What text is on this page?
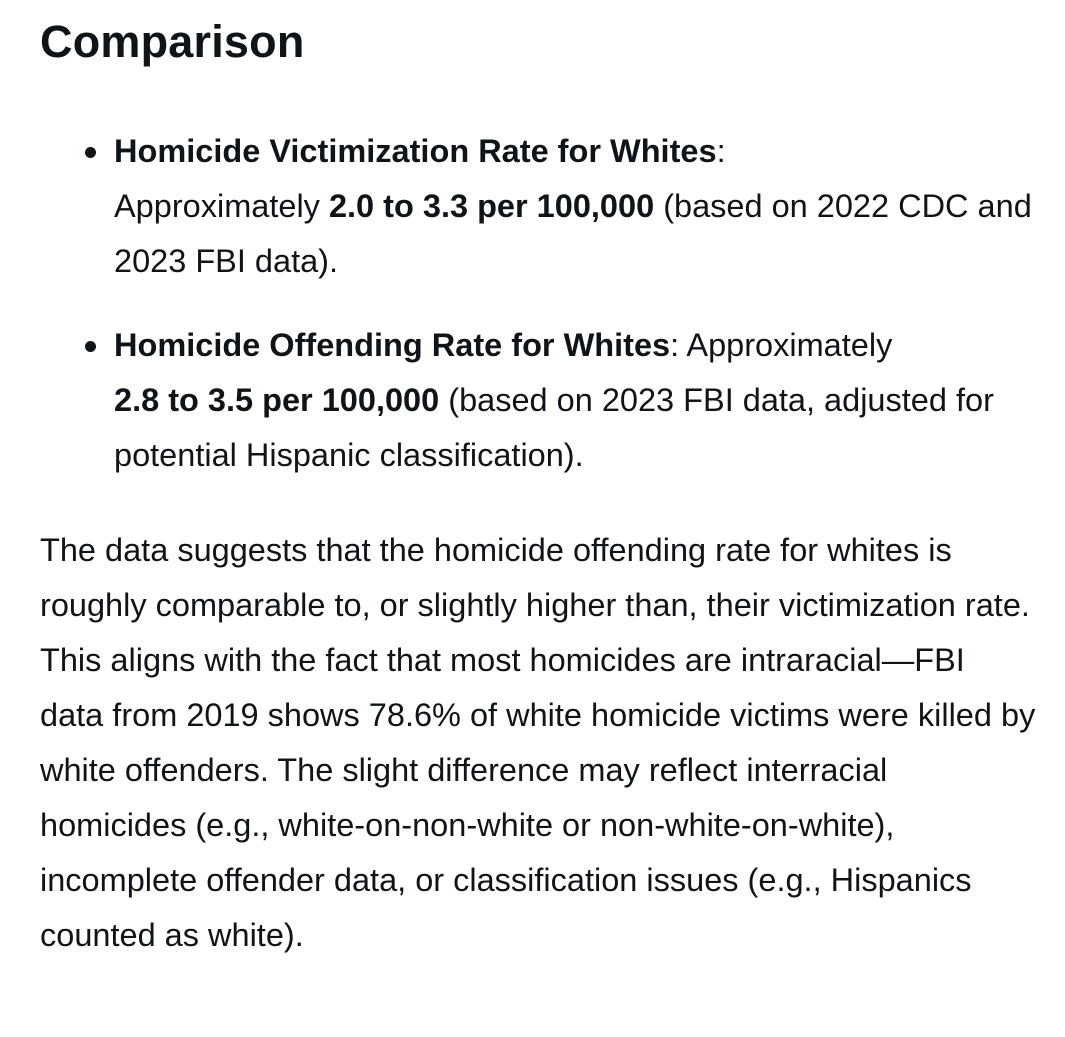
Comparison
Homicide Victimization Rate for Whites:
Approximately 2.0 to 3.3 per 100,000 (based on 2022 CDC and 2023 FBI data).
Homicide Offending Rate for Whites: Approximately
2.8 to 3.5 per 100,000 (based on 2023 FBI data, adjusted for potential Hispanic classification).

The data suggests that the homicide offending rate for whites is roughly comparable to, or slightly higher than, their victimization rate. This aligns with the fact that most homicides are intraracial—FBI data from 2019 shows 78.6% of white homicide victims were killed by white offenders. The slight difference may reflect interracial homicides (e.g., white-on-non-white or non-white-on-white), incomplete offender data, or classification issues (e.g., Hispanics counted as white).
